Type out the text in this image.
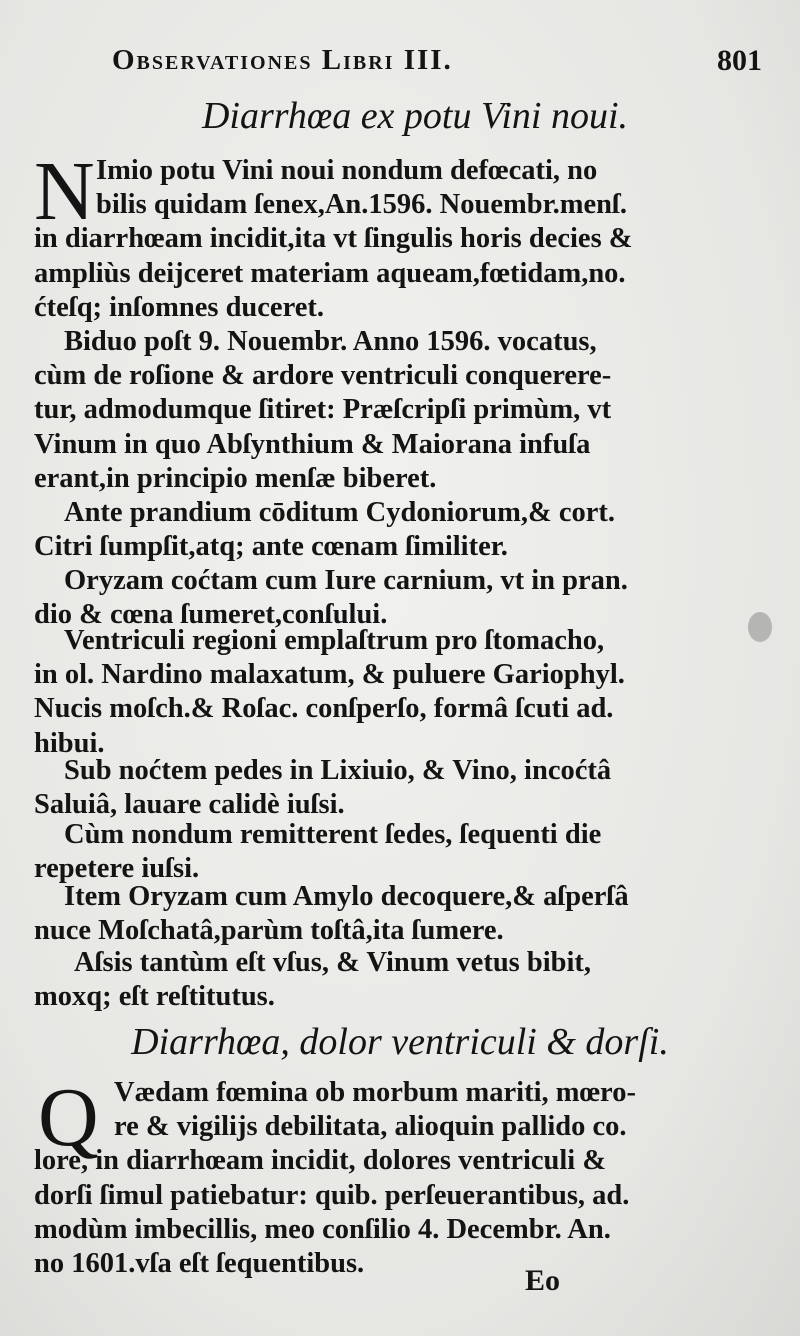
Observationes Libri III.	801
Diarrhœa ex potu Vini noui.
N Imio potu Vini noui nondum defœcati, no
bilis quidam ſenex,An.1596. Nouembr.menſ.
in diarrhœam incidit,ita vt ſingulis horis decies &
ampliùs deijceret materiam aqueam,fœtidam,no.
ćteſq; inſomnes duceret.
Biduo poſt 9. Nouembr. Anno 1596. vocatus,
cùm de roſione & ardore ventriculi conquerere-
tur, admodumque ſitiret: Præſcripſi primùm, vt
Vinum in quo Abſynthium & Maiorana infuſa
erant,in principio menſæ biberet.
Ante prandium cōditum Cydoniorum,& cort.
Citri ſumpſit,atq; ante cœnam ſimiliter.
Oryzam coćtam cum Iure carnium, vt in pran.
dio & cœna ſumeret,conſului.
Ventriculi regioni emplaſtrum pro ſtomacho,
in ol. Nardino malaxatum, & puluere Gariophyl.
Nucis moſch.& Roſac. conſperſo, formâ ſcuti ad.
hibui.
Sub noćtem pedes in Lixiuio, & Vino, incoćtâ
Saluiâ, lauare calidè iuſsi.
Cùm nondum remitterent ſedes, ſequenti die
repetere iuſsi.
Item Oryzam cum Amylo decoquere,& aſperſâ
nuce Moſchatâ,parùm toſtâ,ita ſumere.
Aſsis tantùm eſt vſus, & Vinum vetus bibit,
moxq; eſt reſtitutus.
Diarrhœa, dolor ventriculi & dorſi.
Q Vædam fœmina ob morbum mariti, mœro-
re & vigilijs debilitata, alioquin pallido co.
lore, in diarrhœam incidit, dolores ventriculi &
dorſi ſimul patiebatur: quib. perſeuerantibus, ad.
modùm imbecillis, meo conſilio 4. Decembr. An.
no 1601.vſa eſt ſequentibus.
Eo
